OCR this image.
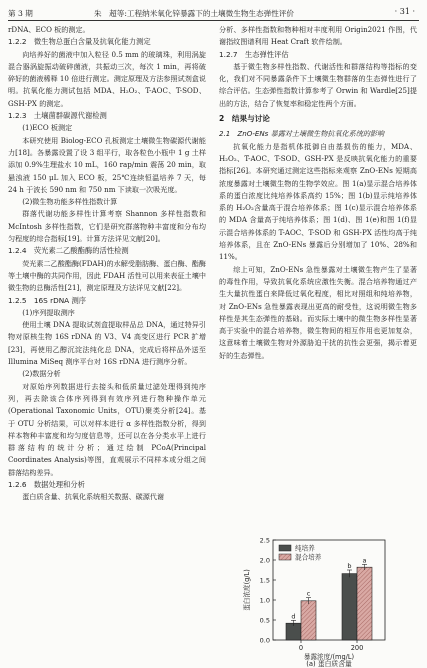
第 3 期	朱　超等:工程纳米氧化锌暴露下的土壤微生物生态弹性评价	· 31 ·

rDNA、ECO 板的测定。

1.2.2　微生物总蛋白含量及抗氧化能力测定

向培养好的菌液中加入粒径 0.5 mm 的玻璃珠，利用涡旋混合器涡旋振动破碎菌液，共振动三次，每次 1 min，再将破碎好的菌液稀释 10 倍进行测定。测定原理及方法参照试剂盒说明。抗氧化能力测试包括 MDA、H₂O₂、T-AOC、T-SOD、GSH-PX 的测定。

1.2.3　土壤菌群碳源代谢检测

(1)ECO 板测定

本研究使用 Biolog-ECO 孔板测定土壤微生物碳源代谢能力[18]。各暴露设置了设 3 组平行，取各粒色小瓶中 1 g 土样添加 0.9%生理盐水 10 mL，160 rap/min 震荡 20 min，取悬浊液 150 μL 加入 ECO 板，25℃连续恒温培养 7 天，每 24 h 于波长 590 nm 和 750 nm 下读取一次吸光度。

(2)微生物功能多样性指数计算

群落代谢功能多样性计算考察 Shannon 多样性指数和 McIntosh 多样性指数，它们是研究群落物种丰富度和分布均匀程度的综合指标[19]。计算方法详见文献[20]。

1.2.4　荧光素二乙酸酯酶的活性检测

荧光素二乙酸酯酶(FDAH)的水解受脂肪酶、蛋白酶、酯酶等土壤中酶的共同作用，因此 FDAH 活性可以用来表征土壤中微生物的总酶活性[21]，测定原理及方法详见文献[22]。

1.2.5　16S rDNA 测序

(1)序列提取测序

使用土壤 DNA 提取试剂盒提取样品总 DNA，通过特异引物对原核生物 16S rDNA 的 V3、V4 高变区进行 PCR 扩增[23]，再使用乙醇沉淀法纯化总 DNA，完成后将样品外送至 Illumina MiSeq 测序平台对 16S rDNA 进行测序分析。

(2)数据分析

对原始序列数据进行去接头和低质量过滤处理得到纯序列，再去除该合体序列得到有效序列进行物种操作单元(Operational Taxonomic Units，OTU)聚类分析[24]。基于 OTU 分析结果，可以对样本进行 α 多样性指数分析，得到样本物种丰富度和均匀度信息等，还可以在各分类水平上进行群落结构的统计分析；通过绘制 PCoA(Principal Coordinates Analysis)等图，直观展示不同样本或分组之间群落结构差异。

1.2.6　数据处理和分析

蛋白质含量、抗氧化系统相关数据、碳源代谢

分析、多样性指数和物种相对丰度利用 Origin2021 作图，代谢指纹图谱利用 Heat Craft 软件绘制。

1.2.7　生态弹性评估

基于微生物多样性指数、代谢活性和群落结构等指标的变化，我们对不同暴露条件下土壤微生物群落的生态弹性进行了综合评估。生态弹性指数计算参考了 Orwin 和 Wardle[25]提出的方法，结合了恢复率和稳定性两个方面。

2　结果与讨论

2.1　ZnO-ENs 暴露对土壤微生物抗氧化系统的影响

抗氧化能力是指机体抵御自由基损伤的能力，MDA、H₂O₂、T-AOC、T-SOD、GSH-PX 是反映抗氧化能力的重要指标[26]。本研究通过测定这些指标来观察 ZnO-ENs 短期高浓度暴露对土壤微生物的生物学效应。图 1(a)显示混合培养体系的蛋白浓度比纯培养体系高约 15%；图 1(b)显示纯培养体系的 H₂O₂含量高于混合培养体系；图 1(c)显示混合培养体系的 MDA 含量高于纯培养体系；图 1(d)、图 1(e)和图 1(f)显示混合培养体系的 T-AOC、T-SOD 和 GSH-PX 活性均高于纯培养体系，且在 ZnO-ENs 暴露后分别增加了 10%、28%和 11%。

综上可知，ZnO-ENs 急性暴露对土壤微生物产生了显著的毒性作用，导致抗氧化系统应激性失衡。混合培养物通过产生大量抗性蛋白来降低过氧化程度，相比对照组和纯培养物，对 ZnO-ENs 急性暴露表现出更高的耐受性，这说明微生物多样性是其生态弹性的基础。而实际土壤中的微生物多样性显著高于实验中的混合培养物，微生物间的相互作用也更加复杂，这意味着土壤微生物对外源胁迫干扰的抗性会更强，揭示着更好的生态弹性。

0.0
0.5
1.0
1.5
2.0
2.5
蛋白浓度(g/L)
d
c
0
b
a
200
暴露浓度/(mg/L)
纯培养
混合培养
(a) 蛋白质含量
